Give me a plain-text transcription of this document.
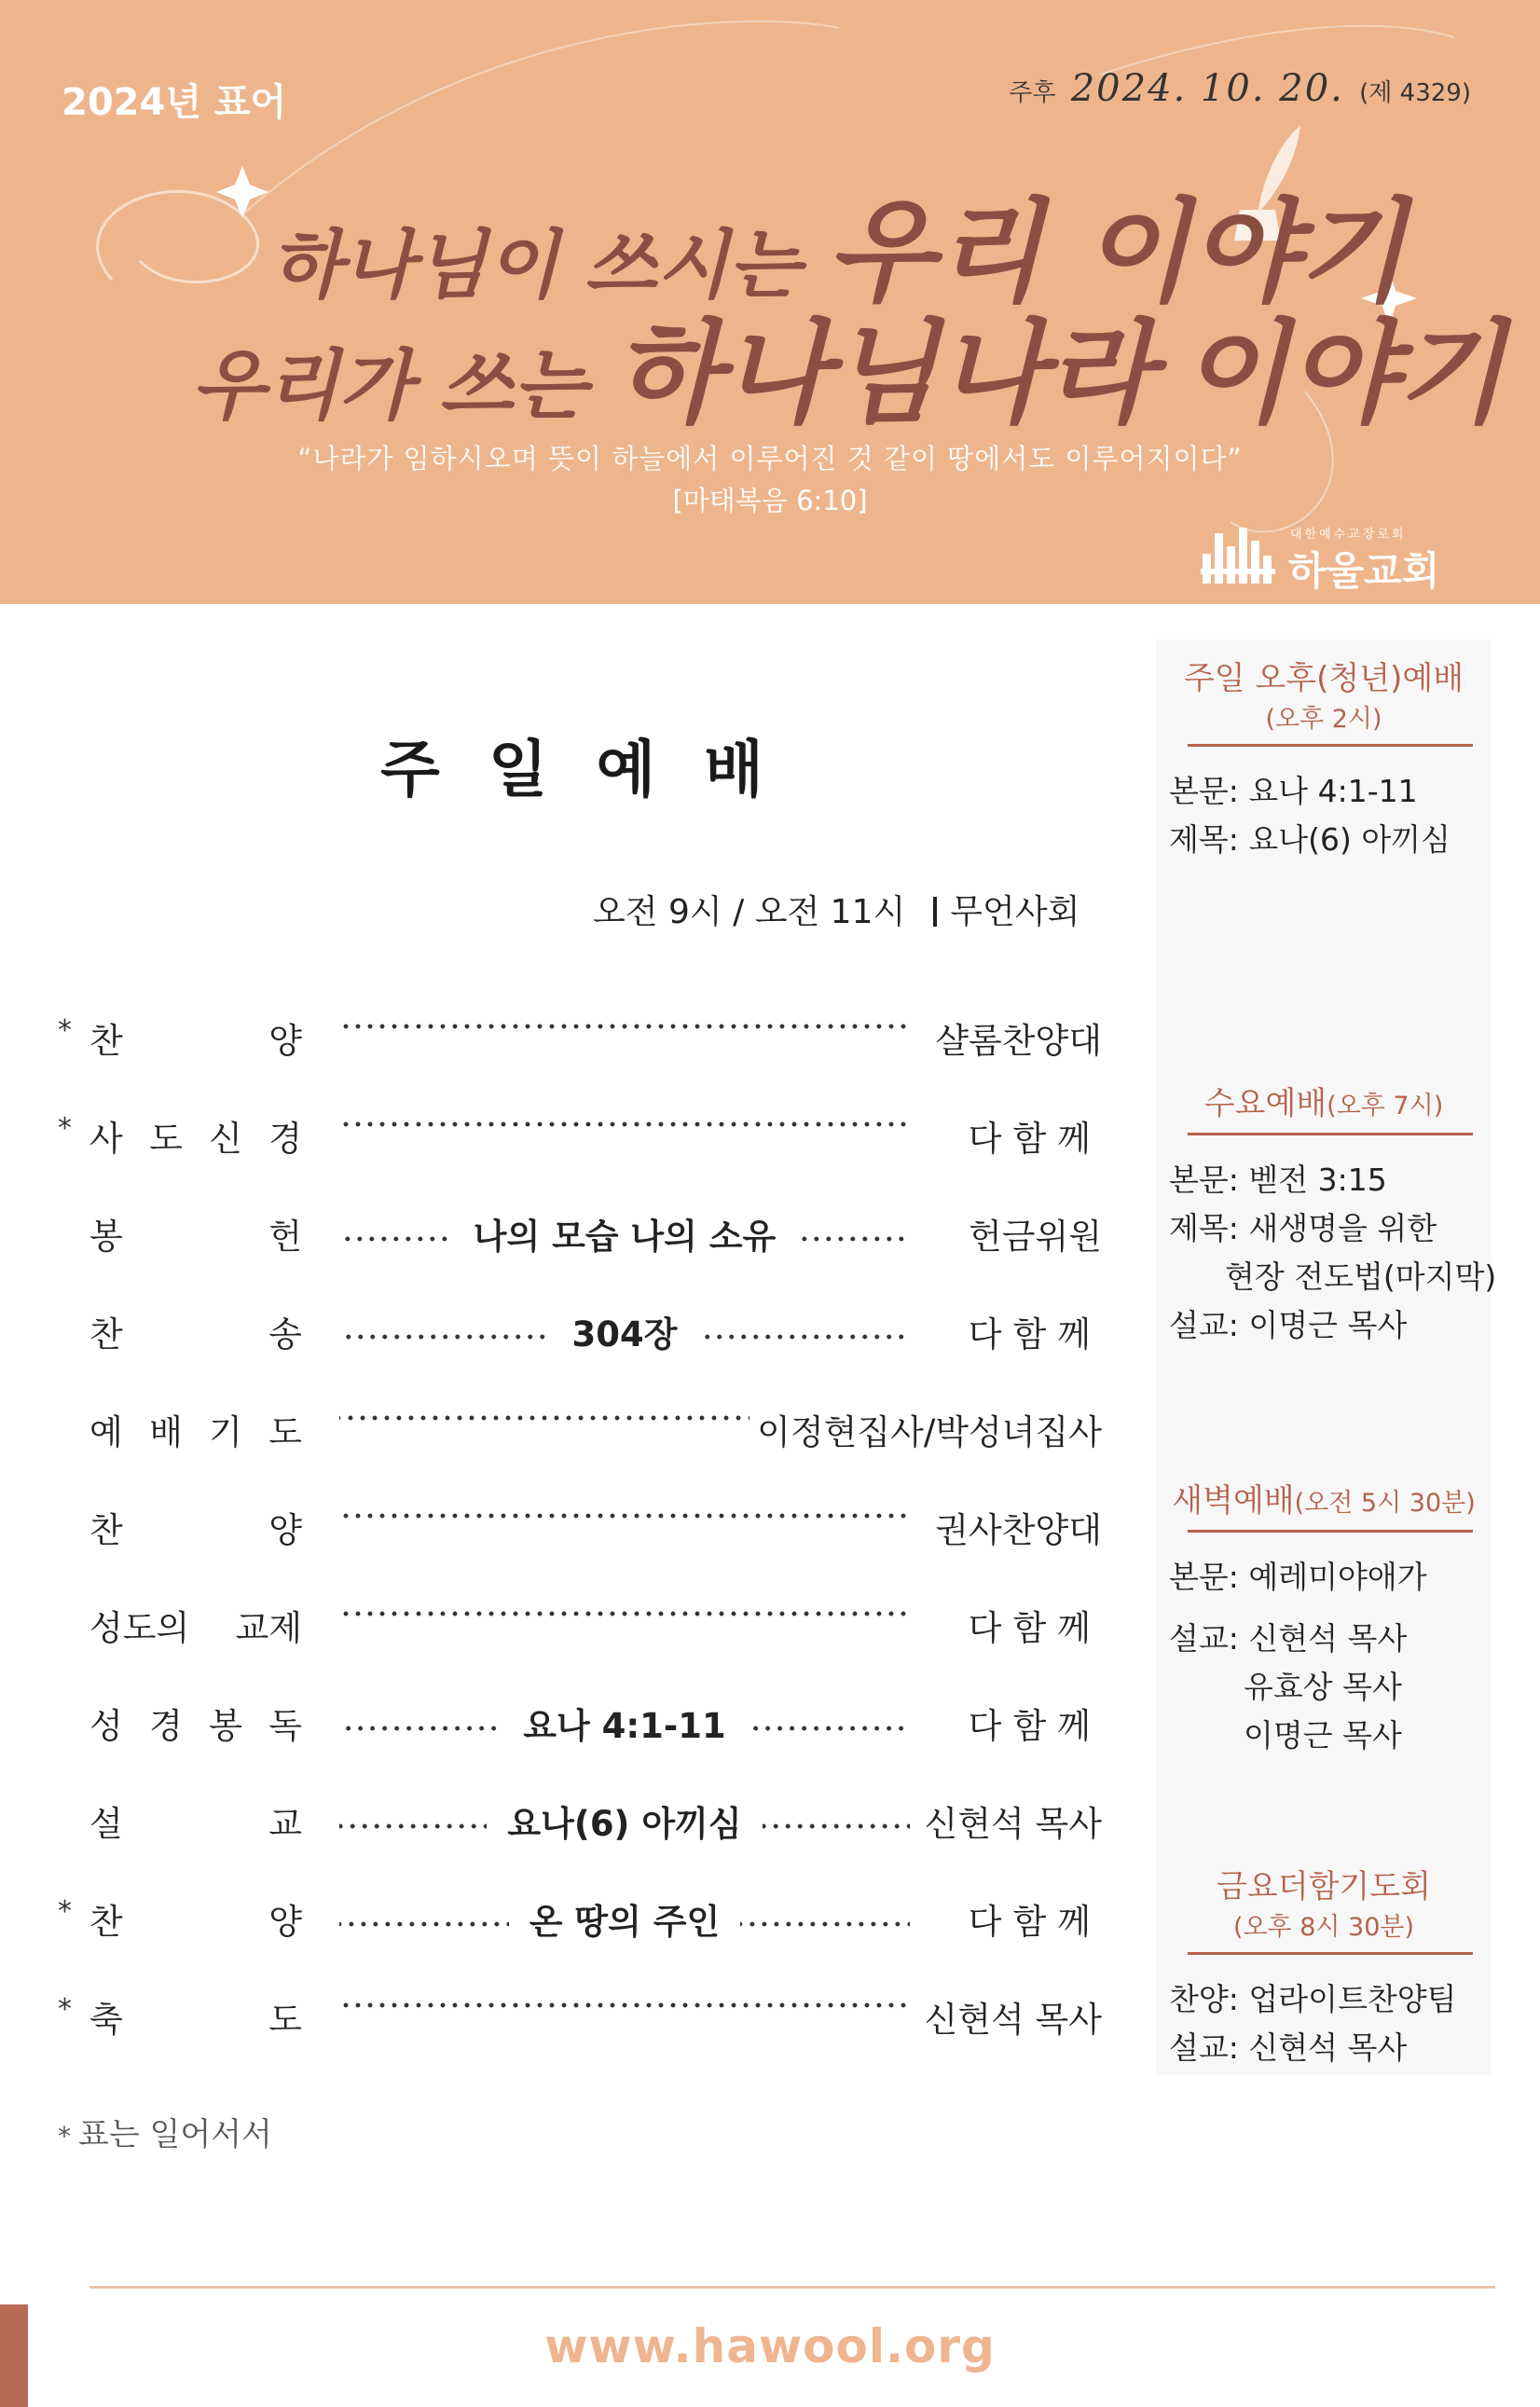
2024년 표어	주후 2024. 10. 20. (제 4329)
하나님이 쓰시는 우리 이야기
우리가 쓰는 하나님나라 이야기
“나라가 임하시오며 뜻이 하늘에서 이루어진 것 같이 땅에서도 이루어지이다”
[마태복음 6:10]
대한예수교장로회
하울교회
주일예배
오전 9시 / 오전 11시 무언사회
* 찬	양	샬롬찬양대
* 사 도 신 경	다함께
봉	헌	나의 모습 나의 소유	헌금위원
찬	송	304장	다함께
예 배 기 도	이정현집사/박성녀집사
찬	양	권사찬양대
성도의 교제	다함께
성 경 봉 독	요나 4:1-11	다함께
설	교	요나(6) 아끼심	신현석 목사
* 찬	양	온 땅의 주인	다함께
* 축	도	신현석 목사
* 표는 일어서서
주일 오후(청년)예배
(오후 2시)
본문: 요나 4:1-11
제목: 요나(6) 아끼심
수요예배(오후 7시)
본문: 벧전 3:15
제목: 새생명을 위한
현장 전도법(마지막)
설교: 이명근 목사
새벽예배(오전 5시 30분)
본문: 예레미야애가
설교: 신현석 목사
유효상 목사
이명근 목사
금요더함기도회
(오후 8시 30분)
찬양: 업라이트찬양팀
설교: 신현석 목사
www.hawool.org
